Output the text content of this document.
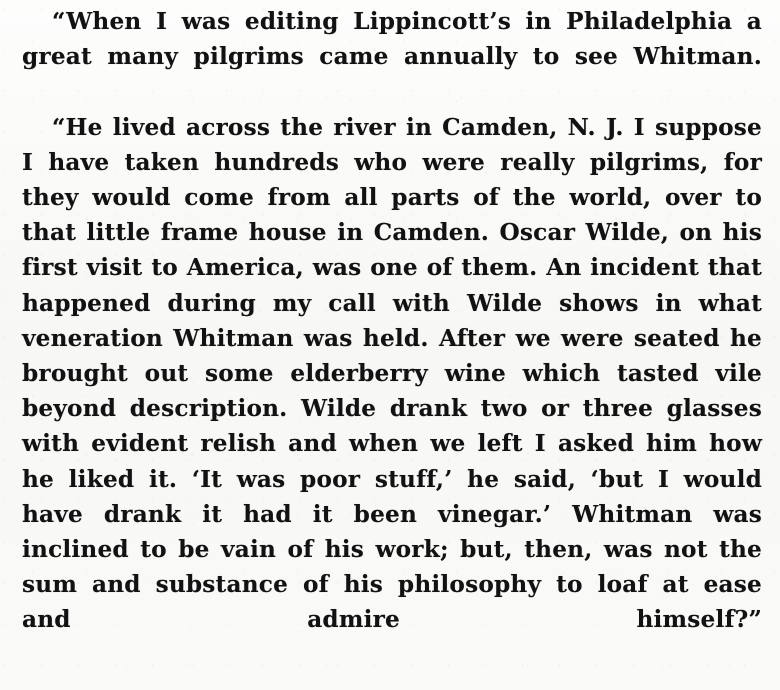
“When I was editing Lippincott’s in Philadelphia a great many pilgrims came annually to see Whitman.

“He lived across the river in Camden, N. J. I suppose I have taken hundreds who were really pilgrims, for they would come from all parts of the world, over to that little frame house in Camden. Oscar Wilde, on his first visit to America, was one of them. An incident that happened during my call with Wilde shows in what veneration Whitman was held. After we were seated he brought out some elderberry wine which tasted vile beyond description. Wilde drank two or three glasses with evident relish and when we left I asked him how he liked it. ‘It was poor stuff,’ he said, ‘but I would have drank it had it been vinegar.’ Whitman was inclined to be vain of his work; but, then, was not the sum and substance of his philosophy to loaf at ease and admire himself?”
